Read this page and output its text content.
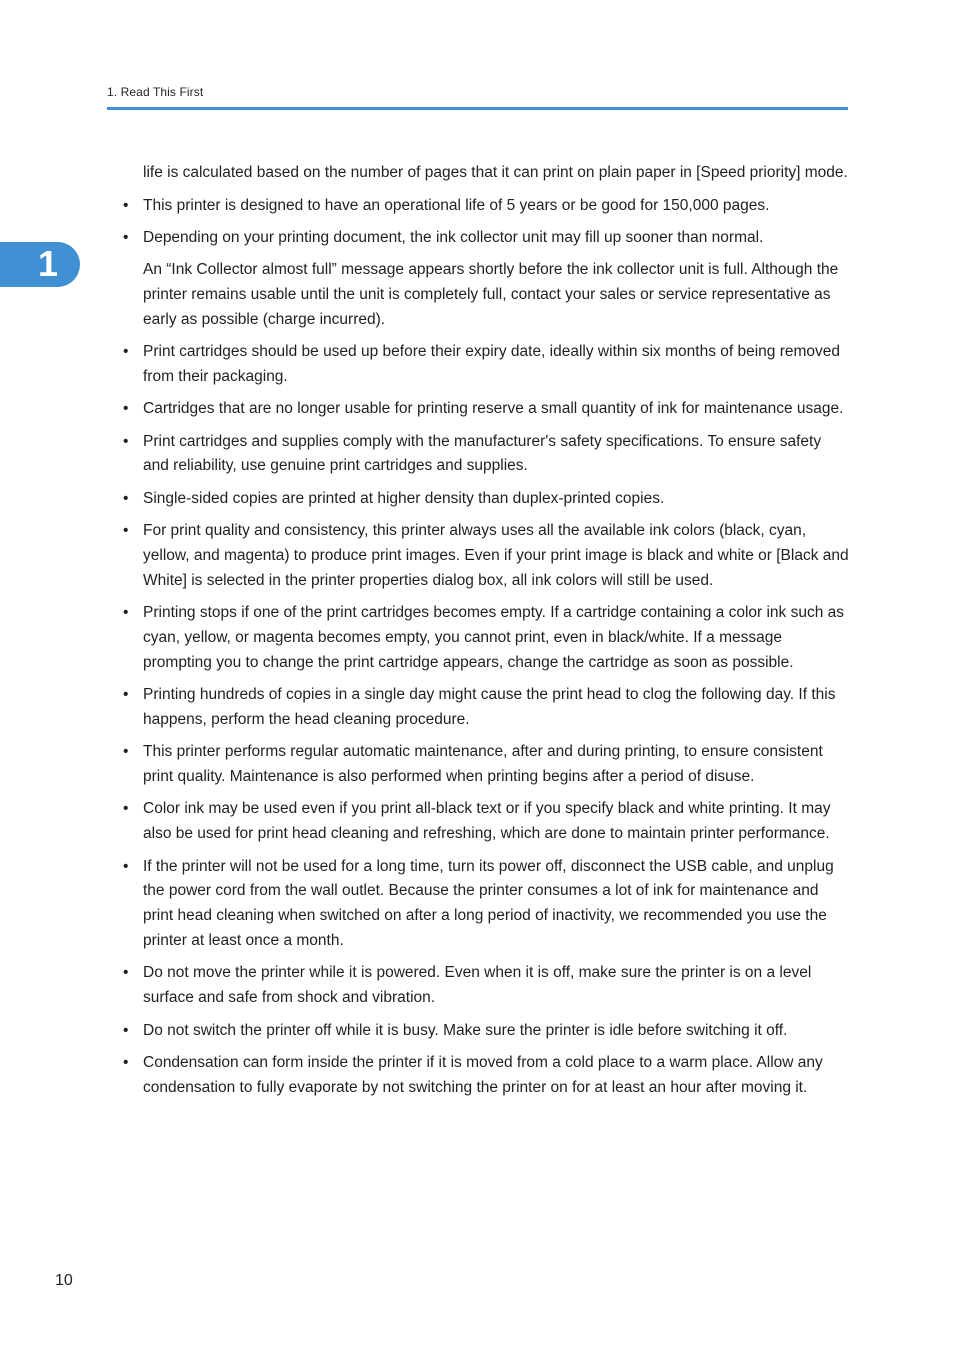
1. Read This First
1

life is calculated based on the number of pages that it can print on plain paper in [Speed priority] mode.

• This printer is designed to have an operational life of 5 years or be good for 150,000 pages.
• Depending on your printing document, the ink collector unit may fill up sooner than normal.
An “Ink Collector almost full” message appears shortly before the ink collector unit is full. Although the printer remains usable until the unit is completely full, contact your sales or service representative as early as possible (charge incurred).
• Print cartridges should be used up before their expiry date, ideally within six months of being removed from their packaging.
• Cartridges that are no longer usable for printing reserve a small quantity of ink for maintenance usage.
• Print cartridges and supplies comply with the manufacturer's safety specifications. To ensure safety and reliability, use genuine print cartridges and supplies.
• Single-sided copies are printed at higher density than duplex-printed copies.
• For print quality and consistency, this printer always uses all the available ink colors (black, cyan, yellow, and magenta) to produce print images. Even if your print image is black and white or [Black and White] is selected in the printer properties dialog box, all ink colors will still be used.
• Printing stops if one of the print cartridges becomes empty. If a cartridge containing a color ink such as cyan, yellow, or magenta becomes empty, you cannot print, even in black/white. If a message prompting you to change the print cartridge appears, change the cartridge as soon as possible.
• Printing hundreds of copies in a single day might cause the print head to clog the following day. If this happens, perform the head cleaning procedure.
• This printer performs regular automatic maintenance, after and during printing, to ensure consistent print quality. Maintenance is also performed when printing begins after a period of disuse.
• Color ink may be used even if you print all-black text or if you specify black and white printing. It may also be used for print head cleaning and refreshing, which are done to maintain printer performance.
• If the printer will not be used for a long time, turn its power off, disconnect the USB cable, and unplug the power cord from the wall outlet. Because the printer consumes a lot of ink for maintenance and print head cleaning when switched on after a long period of inactivity, we recommended you use the printer at least once a month.
• Do not move the printer while it is powered. Even when it is off, make sure the printer is on a level surface and safe from shock and vibration.
• Do not switch the printer off while it is busy. Make sure the printer is idle before switching it off.
• Condensation can form inside the printer if it is moved from a cold place to a warm place. Allow any condensation to fully evaporate by not switching the printer on for at least an hour after moving it.
10
